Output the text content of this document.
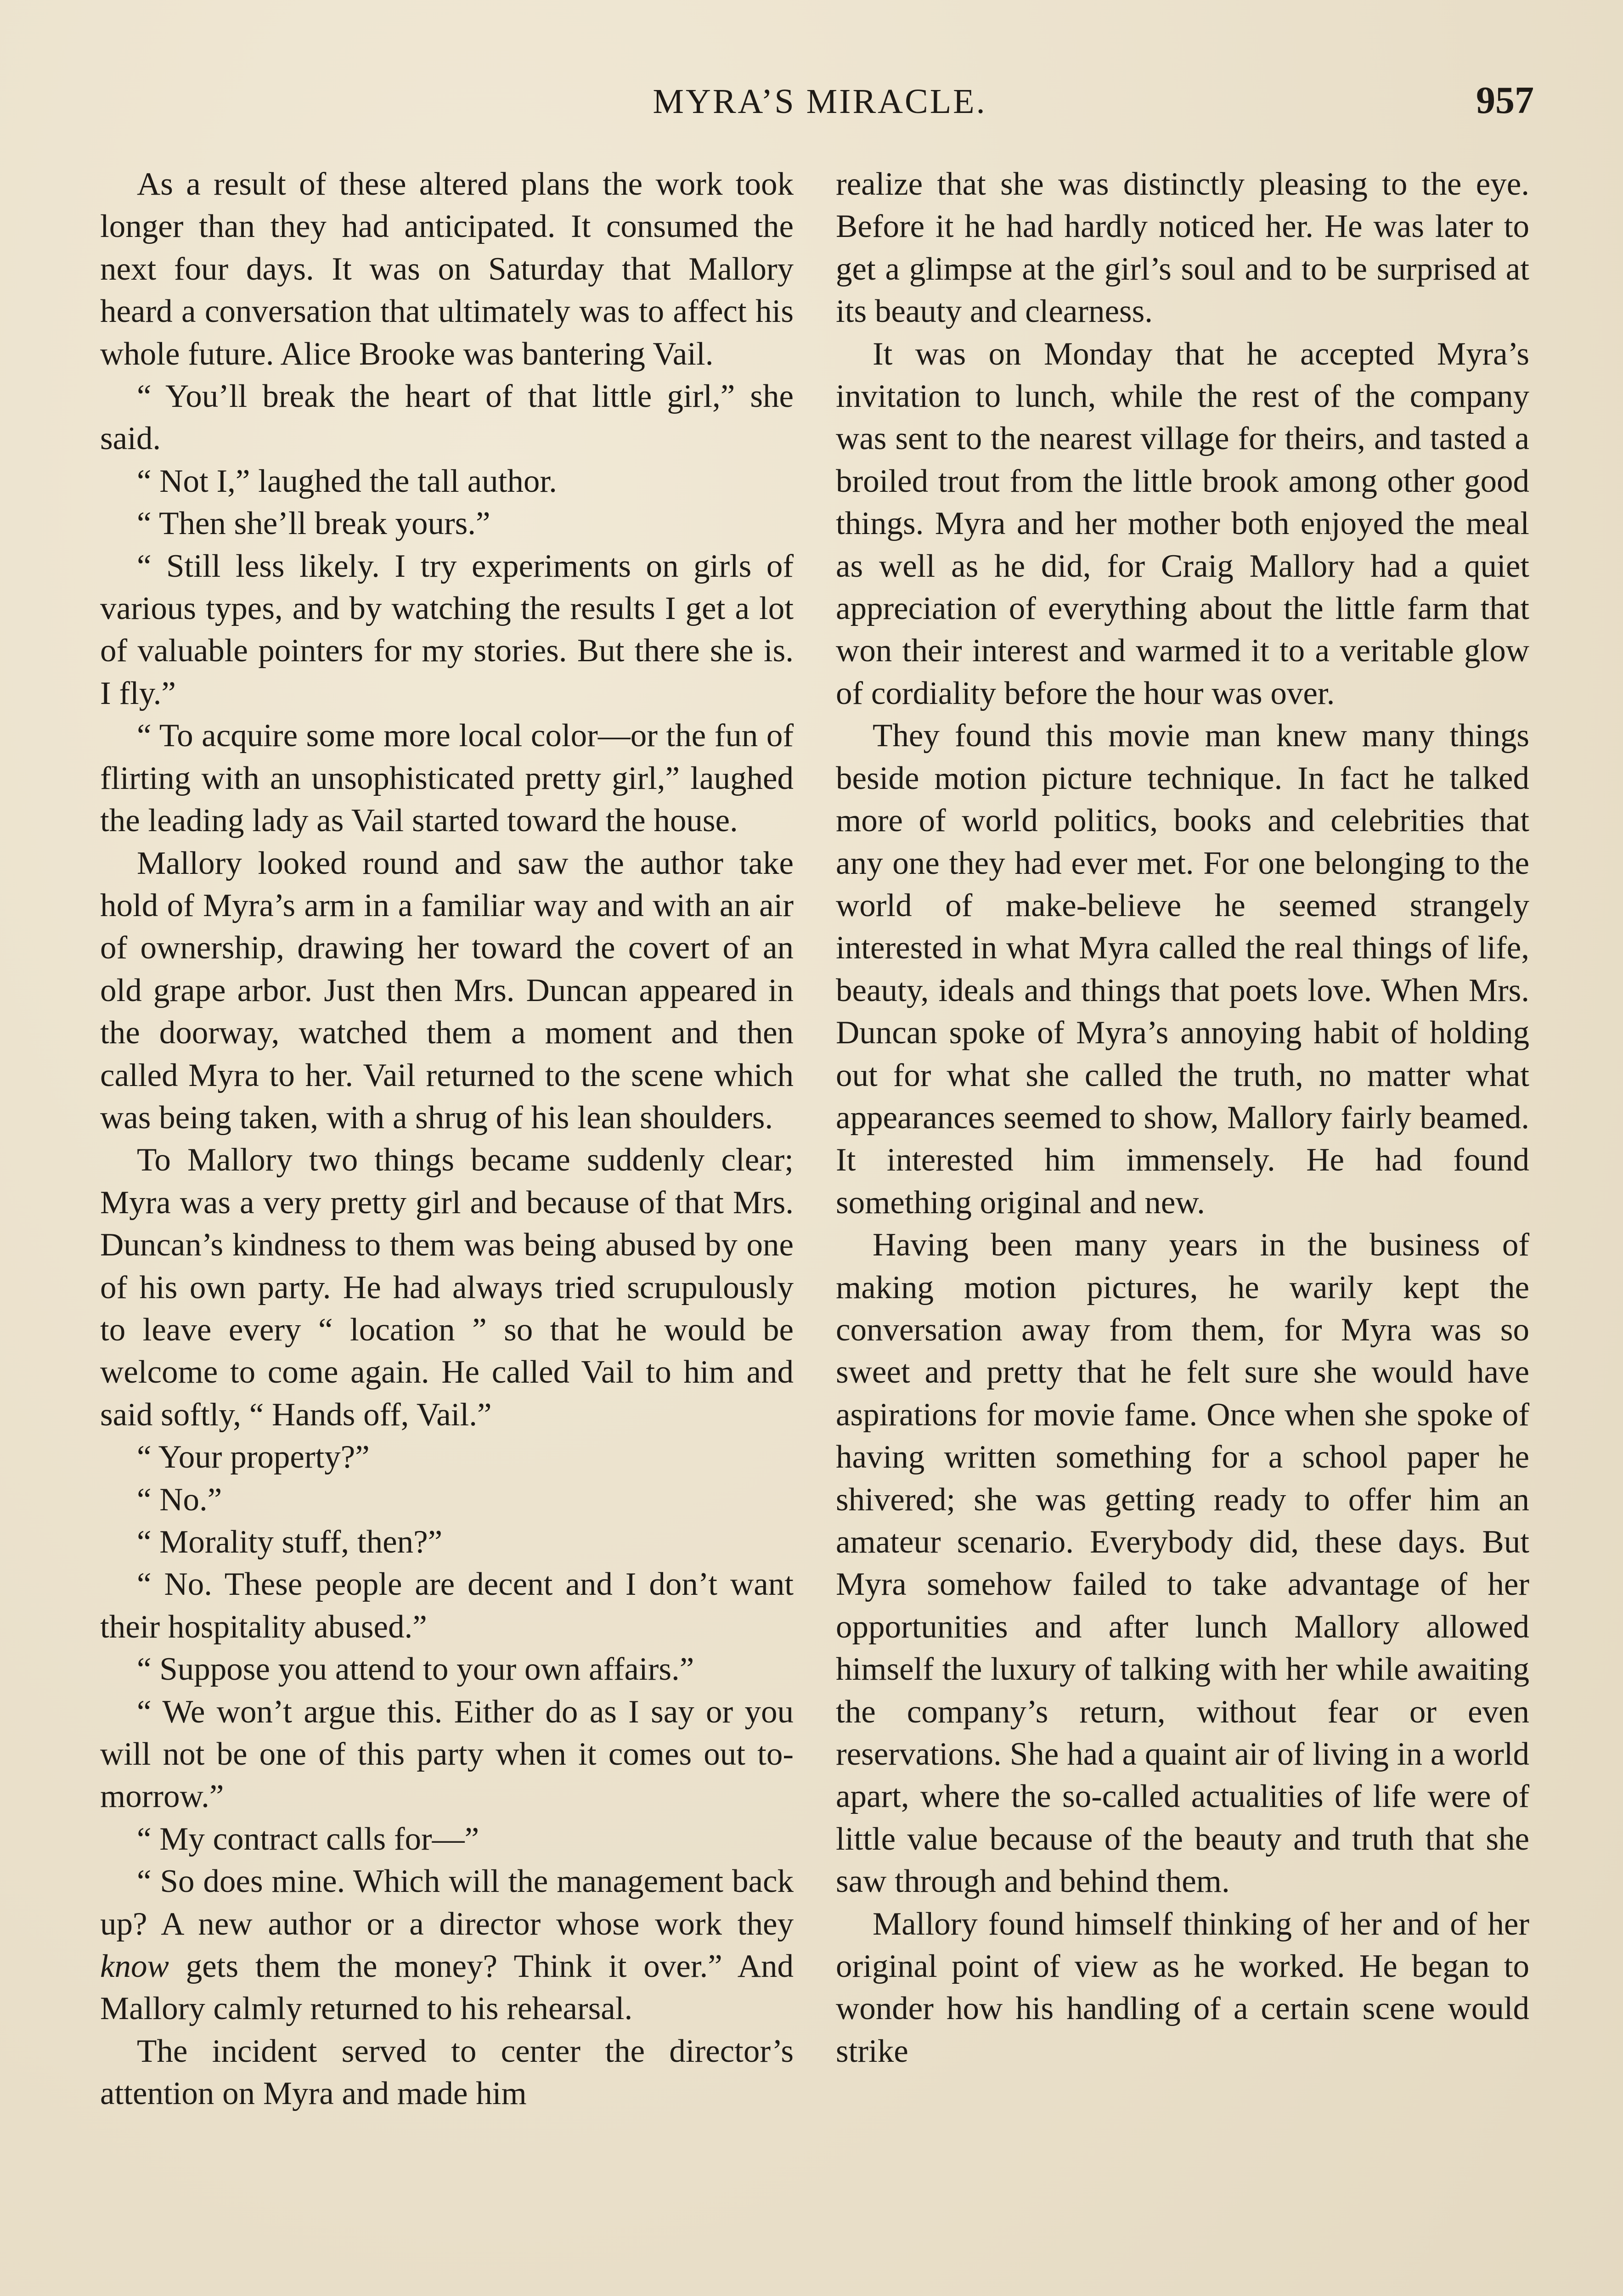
MYRA’S MIRACLE.	957

As a result of these altered plans the work took longer than they had anticipated. It consumed the next four days. It was on Saturday that Mallory heard a conversation that ultimately was to affect his whole future. Alice Brooke was bantering Vail.

“ You’ll break the heart of that little girl,” she said.

“ Not I,” laughed the tall author.

“ Then she’ll break yours.”

“ Still less likely. I try experiments on girls of various types, and by watching the results I get a lot of valuable pointers for my stories. But there she is. I fly.”

“ To acquire some more local color—or the fun of flirting with an unsophisticated pretty girl,” laughed the leading lady as Vail started toward the house.

Mallory looked round and saw the author take hold of Myra’s arm in a familiar way and with an air of ownership, drawing her toward the covert of an old grape arbor. Just then Mrs. Duncan appeared in the doorway, watched them a moment and then called Myra to her. Vail returned to the scene which was being taken, with a shrug of his lean shoulders.

To Mallory two things became suddenly clear; Myra was a very pretty girl and because of that Mrs. Duncan’s kindness to them was being abused by one of his own party. He had always tried scrupulously to leave every “ location ” so that he would be welcome to come again. He called Vail to him and said softly, “ Hands off, Vail.”

“ Your property?”

“ No.”

“ Morality stuff, then?”

“ No. These people are decent and I don’t want their hospitality abused.”

“ Suppose you attend to your own affairs.”

“ We won’t argue this. Either do as I say or you will not be one of this party when it comes out to-morrow.”

“ My contract calls for—”

“ So does mine. Which will the management back up? A new author or a director whose work they know gets them the money? Think it over.” And Mallory calmly returned to his rehearsal.

The incident served to center the director’s attention on Myra and made him

realize that she was distinctly pleasing to the eye. Before it he had hardly noticed her. He was later to get a glimpse at the girl’s soul and to be surprised at its beauty and clearness.

It was on Monday that he accepted Myra’s invitation to lunch, while the rest of the company was sent to the nearest village for theirs, and tasted a broiled trout from the little brook among other good things. Myra and her mother both enjoyed the meal as well as he did, for Craig Mallory had a quiet appreciation of everything about the little farm that won their interest and warmed it to a veritable glow of cordiality before the hour was over.

They found this movie man knew many things beside motion picture technique. In fact he talked more of world politics, books and celebrities that any one they had ever met. For one belonging to the world of make-believe he seemed strangely interested in what Myra called the real things of life, beauty, ideals and things that poets love. When Mrs. Duncan spoke of Myra’s annoying habit of holding out for what she called the truth, no matter what appearances seemed to show, Mallory fairly beamed. It interested him immensely. He had found something original and new.

Having been many years in the business of making motion pictures, he warily kept the conversation away from them, for Myra was so sweet and pretty that he felt sure she would have aspirations for movie fame. Once when she spoke of having written something for a school paper he shivered; she was getting ready to offer him an amateur scenario. Everybody did, these days. But Myra somehow failed to take advantage of her opportunities and after lunch Mallory allowed himself the luxury of talking with her while awaiting the company’s return, without fear or even reservations. She had a quaint air of living in a world apart, where the so-called actualities of life were of little value because of the beauty and truth that she saw through and behind them.

Mallory found himself thinking of her and of her original point of view as he worked. He began to wonder how his handling of a certain scene would strike
